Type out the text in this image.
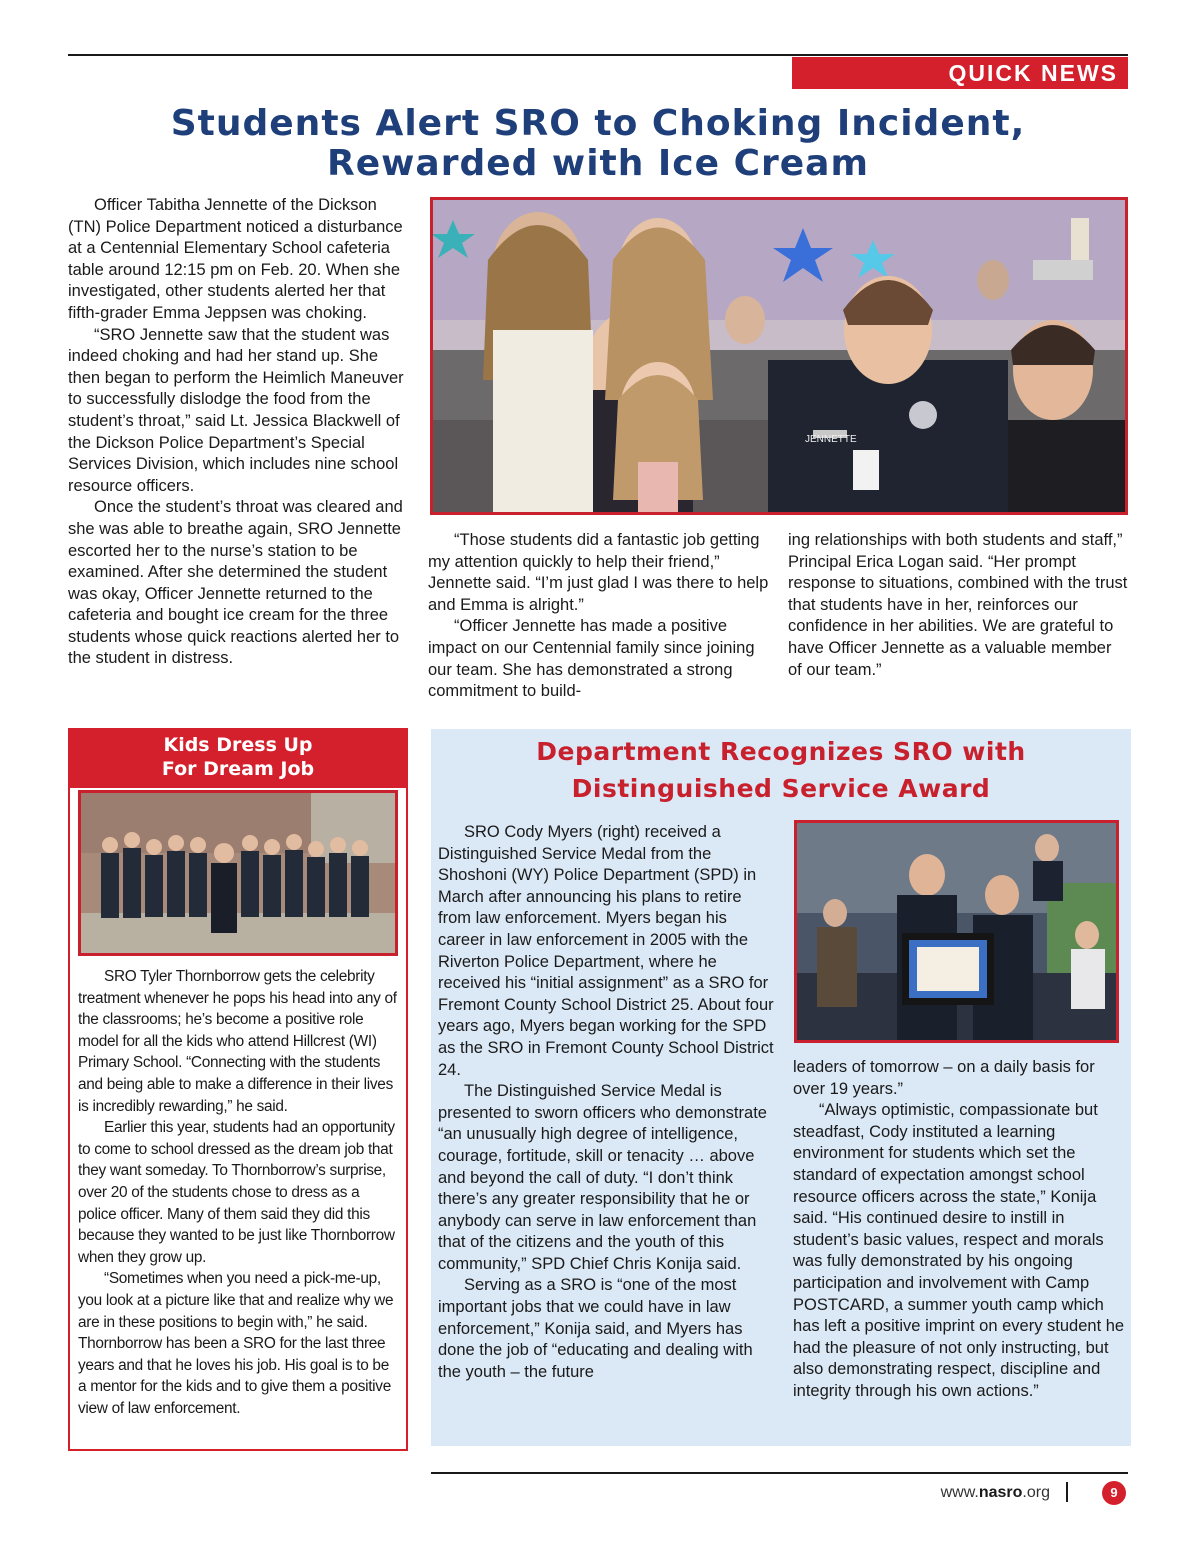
QUICK NEWS
Students Alert SRO to Choking Incident,
Rewarded with Ice Cream

Officer Tabitha Jennette of the Dickson (TN) Police Department noticed a disturbance at a Centennial Elementary School cafeteria table around 12:15 pm on Feb. 20. When she investigated, other students alerted her that fifth-grader Emma Jeppsen was choking.

“SRO Jennette saw that the student was indeed choking and had her stand up. She then began to perform the Heimlich Maneuver to successfully dislodge the food from the student’s throat,” said Lt. Jessica Blackwell of the Dickson Police Department’s Special Services Division, which includes nine school resource officers.

Once the student’s throat was cleared and she was able to breathe again, SRO Jennette escorted her to the nurse’s station to be examined. After she determined the student was okay, Officer Jennette returned to the cafeteria and bought ice cream for the three students whose quick reactions alerted her to the student in distress.

JENNETTE

“Those students did a fantastic job getting my attention quickly to help their friend,” Jennette said. “I’m just glad I was there to help and Emma is alright.”

“Officer Jennette has made a positive impact on our Centennial family since joining our team. She has demonstrated a strong commitment to build-

ing relationships with both students and staff,” Principal Erica Logan said. “Her prompt response to situations, combined with the trust that students have in her, reinforces our confidence in her abilities. We are grateful to have Officer Jennette as a valuable member of our team.”

Kids Dress Up
For Dream Job

SRO Tyler Thornborrow gets the celebrity treatment whenever he pops his head into any of the classrooms; he’s become a positive role model for all the kids who attend Hillcrest (WI) Primary School. “Connecting with the students and being able to make a difference in their lives is incredibly rewarding,” he said.

Earlier this year, students had an opportunity to come to school dressed as the dream job that they want someday. To Thornborrow’s surprise, over 20 of the students chose to dress as a police officer. Many of them said they did this because they wanted to be just like Thornborrow when they grow up.

“Sometimes when you need a pick-me-up, you look at a picture like that and realize why we are in these positions to begin with,” he said. Thornborrow has been a SRO for the last three years and that he loves his job. His goal is to be a mentor for the kids and to give them a positive view of law enforcement.

Department Recognizes SRO with
Distinguished Service Award

SRO Cody Myers (right) received a Distinguished Service Medal from the Shoshoni (WY) Police Department (SPD) in March after announcing his plans to retire from law enforcement. Myers began his career in law enforcement in 2005 with the Riverton Police Department, where he received his “initial assignment” as a SRO for Fremont County School District 25. About four years ago, Myers began working for the SPD as the SRO in Fremont County School District 24.

The Distinguished Service Medal is presented to sworn officers who demonstrate “an unusually high degree of intelligence, courage, fortitude, skill or tenacity … above and beyond the call of duty. “I don’t think there’s any greater responsibility that he or anybody can serve in law enforcement than that of the citizens and the youth of this community,” SPD Chief Chris Konija said.

Serving as a SRO is “one of the most important jobs that we could have in law enforcement,” Konija said, and Myers has done the job of “educating and dealing with the youth – the future

leaders of tomorrow – on a daily basis for over 19 years.”

“Always optimistic, compassionate but steadfast, Cody instituted a learning environment for students which set the standard of expectation amongst school resource officers across the state,” Konija said. “His continued desire to instill in student’s basic values, respect and morals was fully demonstrated by his ongoing participation and involvement with Camp POSTCARD, a summer youth camp which has left a positive imprint on every student he had the pleasure of not only instructing, but also demonstrating respect, discipline and integrity through his own actions.”

www.nasro.org	9
